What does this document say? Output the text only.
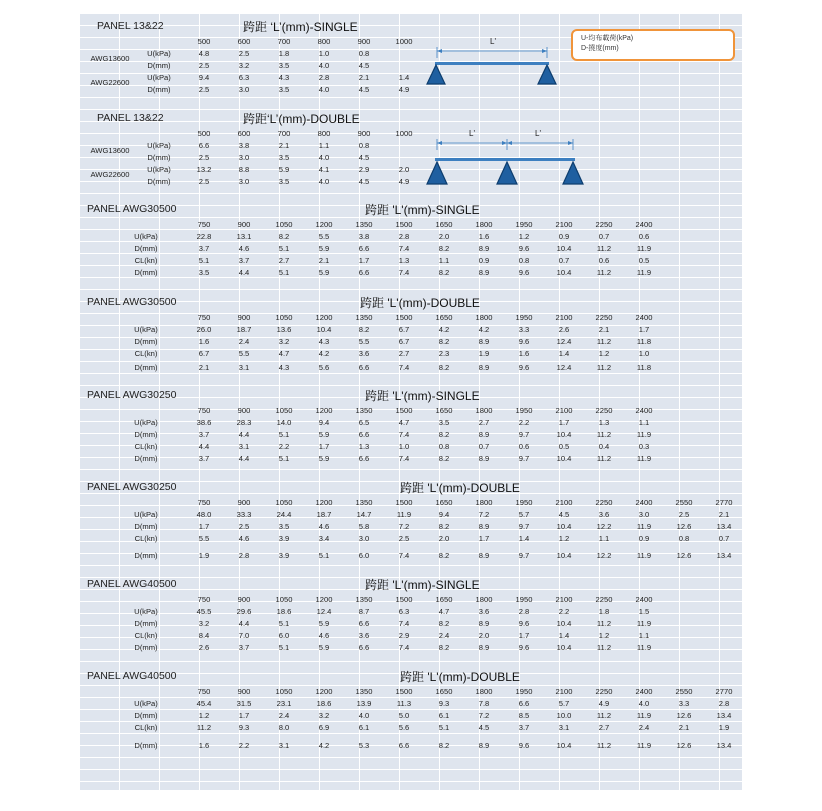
U-均布載荷(kPa)
D-撓度(mm)
L'
L'	L'
PANEL 13&22	跨距 ‘L’(mm)-SINGLE
500	600	700	800	900	1000
AWG13600
U(kPa)	4.8	2.5	1.8	1.0	0.8
D(mm)	2.5	3.2	3.5	4.0	4.5
AWG22600
U(kPa)	9.4	6.3	4.3	2.8	2.1	1.4
D(mm)	2.5	3.0	3.5	4.0	4.5	4.9
PANEL 13&22	跨距‘L’(mm)-DOUBLE
500	600	700	800	900	1000
AWG13600
U(kPa)	6.6	3.8	2.1	1.1	0.8
D(mm)	2.5	3.0	3.5	4.0	4.5
AWG22600
U(kPa)	13.2	8.8	5.9	4.1	2.9	2.0
D(mm)	2.5	3.0	3.5	4.0	4.5	4.9
PANEL AWG30500	跨距 'L'(mm)-SINGLE
750	900	1050	1200	1350	1500	1650	1800	1950	2100	2250	2400
U(kPa)	22.8	13.1	8.2	5.5	3.8	2.8	2.0	1.6	1.2	0.9	0.7	0.6
D(mm)	3.7	4.6	5.1	5.9	6.6	7.4	8.2	8.9	9.6	10.4	11.2	11.9
CL(kn)	5.1	3.7	2.7	2.1	1.7	1.3	1.1	0.9	0.8	0.7	0.6	0.5
D(mm)	3.5	4.4	5.1	5.9	6.6	7.4	8.2	8.9	9.6	10.4	11.2	11.9
PANEL AWG30500	跨距 'L'(mm)-DOUBLE
750	900	1050	1200	1350	1500	1650	1800	1950	2100	2250	2400
U(kPa)	26.0	18.7	13.6	10.4	8.2	6.7	4.2	4.2	3.3	2.6	2.1	1.7
D(mm)	1.6	2.4	3.2	4.3	5.5	6.7	8.2	8.9	9.6	12.4	11.2	11.8
CL(kn)	6.7	5.5	4.7	4.2	3.6	2.7	2.3	1.9	1.6	1.4	1.2	1.0
D(mm)	2.1	3.1	4.3	5.6	6.6	7.4	8.2	8.9	9.6	12.4	11.2	11.8
PANEL AWG30250	跨距 'L'(mm)-SINGLE
750	900	1050	1200	1350	1500	1650	1800	1950	2100	2250	2400
U(kPa)	38.6	28.3	14.0	9.4	6.5	4.7	3.5	2.7	2.2	1.7	1.3	1.1
D(mm)	3.7	4.4	5.1	5.9	6.6	7.4	8.2	8.9	9.7	10.4	11.2	11.9
CL(kn)	4.4	3.1	2.2	1.7	1.3	1.0	0.8	0.7	0.6	0.5	0.4	0.3
D(mm)	3.7	4.4	5.1	5.9	6.6	7.4	8.2	8.9	9.7	10.4	11.2	11.9
PANEL AWG30250	跨距 'L'(mm)-DOUBLE
750	900	1050	1200	1350	1500	1650	1800	1950	2100	2250	2400	2550	2770
U(kPa)	48.0	33.3	24.4	18.7	14.7	11.9	9.4	7.2	5.7	4.5	3.6	3.0	2.5	2.1
D(mm)	1.7	2.5	3.5	4.6	5.8	7.2	8.2	8.9	9.7	10.4	12.2	11.9	12.6	13.4
CL(kn)	5.5	4.6	3.9	3.4	3.0	2.5	2.0	1.7	1.4	1.2	1.1	0.9	0.8	0.7
D(mm)	1.9	2.8	3.9	5.1	6.0	7.4	8.2	8.9	9.7	10.4	12.2	11.9	12.6	13.4
PANEL AWG40500	跨距 'L'(mm)-SINGLE
750	900	1050	1200	1350	1500	1650	1800	1950	2100	2250	2400
U(kPa)	45.5	29.6	18.6	12.4	8.7	6.3	4.7	3.6	2.8	2.2	1.8	1.5
D(mm)	3.2	4.4	5.1	5.9	6.6	7.4	8.2	8.9	9.6	10.4	11.2	11.9
CL(kn)	8.4	7.0	6.0	4.6	3.6	2.9	2.4	2.0	1.7	1.4	1.2	1.1
D(mm)	2.6	3.7	5.1	5.9	6.6	7.4	8.2	8.9	9.6	10.4	11.2	11.9
PANEL AWG40500	跨距 'L'(mm)-DOUBLE
750	900	1050	1200	1350	1500	1650	1800	1950	2100	2250	2400	2550	2770
U(kPa)	45.4	31.5	23.1	18.6	13.9	11.3	9.3	7.8	6.6	5.7	4.9	4.0	3.3	2.8
D(mm)	1.2	1.7	2.4	3.2	4.0	5.0	6.1	7.2	8.5	10.0	11.2	11.9	12.6	13.4
CL(kn)	11.2	9.3	8.0	6.9	6.1	5.6	5.1	4.5	3.7	3.1	2.7	2.4	2.1	1.9
D(mm)	1.6	2.2	3.1	4.2	5.3	6.6	8.2	8.9	9.6	10.4	11.2	11.9	12.6	13.4
